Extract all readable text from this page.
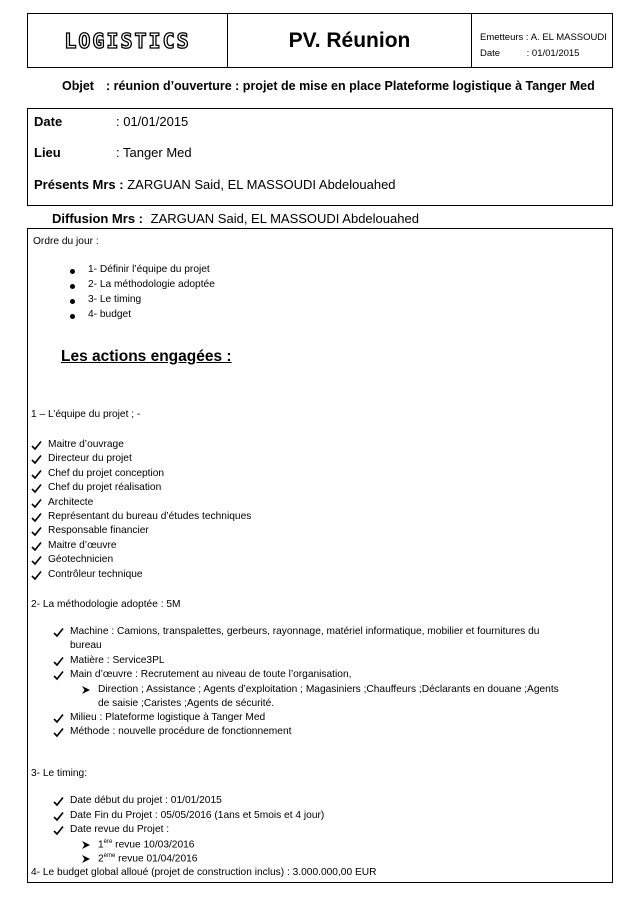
LOGISTICS	PV. Réunion	Emetteurs : A. EL MASSOUDI
Date	: 01/01/2015
Objet : réunion d’ouverture : projet de mise en place Plateforme logistique à Tanger Med
Date	: 01/01/2015
Lieu	: Tanger Med
Présents Mrs : ZARGUAN Said, EL MASSOUDI Abdelouahed
Diffusion Mrs : ZARGUAN Said, EL MASSOUDI Abdelouahed
Ordre du jour :
1- Définir l’équipe du projet
2- La méthodologie adoptée
3- Le timing
4- budget
Les actions engagées :
1 – L’équipe du projet ; -
Maitre d’ouvrage
Directeur du projet
Chef du projet conception
Chef du projet réalisation
Architecte
Représentant du bureau d’études techniques
Responsable financier
Maitre d’œuvre
Géotechnicien
Contrôleur technique
2- La méthodologie adoptée : 5M
Machine : Camions, transpalettes, gerbeurs, rayonnage, matériel informatique, mobilier et fournitures du
bureau
Matière : Service3PL
Main d’œuvre : Recrutement au niveau de toute l’organisation,
Direction ; Assistance ; Agents d’exploitation ; Magasiniers ;Chauffeurs ;Déclarants en douane ;Agents
de saisie ;Caristes ;Agents de sécurité.
Milieu : Plateforme logistique à Tanger Med
Méthode : nouvelle procédure de fonctionnement
3- Le timing:
Date début du projet : 01/01/2015
Date Fin du Projet : 05/05/2016 (1ans et 5mois et 4 jour)
Date revue du Projet :
1ère revue 10/03/2016
2ème revue 01/04/2016
4- Le budget global alloué (projet de construction inclus) : 3.000.000,00 EUR
